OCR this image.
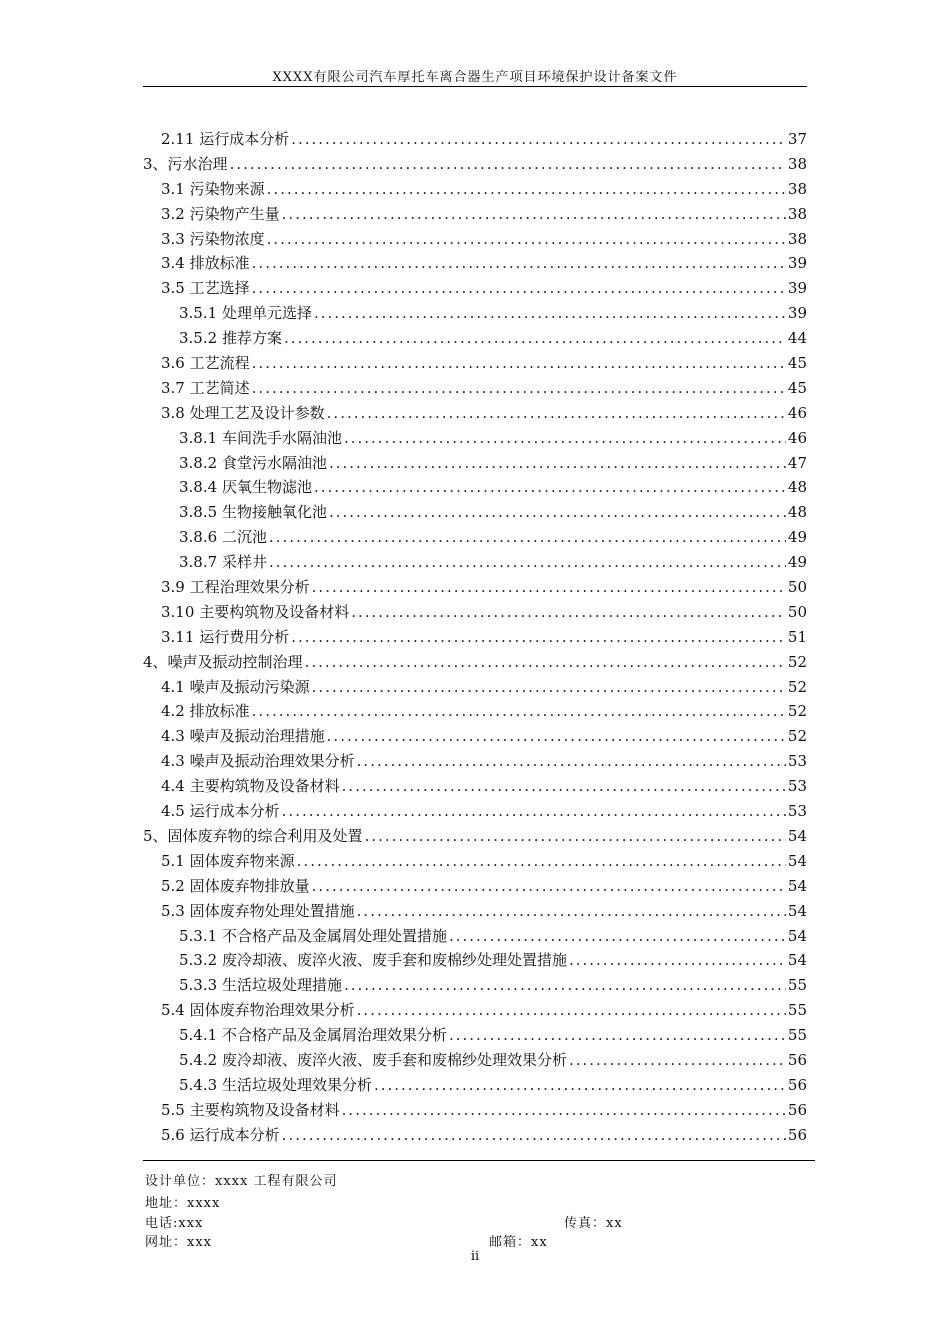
XXXX有限公司汽车厚托车离合器生产项目环境保护设计备案文件
2.11 运行成本分析 .....	37
3、污水治理 .....	38
3.1 污染物来源 .....	38
3.2 污染物产生量 .....	38
3.3 污染物浓度 .....	38
3.4 排放标准 .....	39
3.5 工艺选择 .....	39
3.5.1 处理单元选择 .....	39
3.5.2 推荐方案 .....	44
3.6 工艺流程 .....	45
3.7 工艺简述 .....	45
3.8 处理工艺及设计参数 .....	46
3.8.1 车间洗手水隔油池 .....	46
3.8.2 食堂污水隔油池 .....	47
3.8.4 厌氧生物滤池 .....	48
3.8.5 生物接触氧化池 .....	48
3.8.6 二沉池 .....	49
3.8.7 采样井 .....	49
3.9 工程治理效果分析 .....	50
3.10 主要构筑物及设备材料 .....	50
3.11 运行费用分析 .....	51
4、噪声及振动控制治理 .....	52
4.1 噪声及振动污染源 .....	52
4.2 排放标准 .....	52
4.3 噪声及振动治理措施 .....	52
4.3 噪声及振动治理效果分析 .....	53
4.4 主要构筑物及设备材料 .....	53
4.5 运行成本分析 .....	53
5、固体废弃物的综合利用及处置 .....	54
5.1 固体废弃物来源 .....	54
5.2 固体废弃物排放量 .....	54
5.3 固体废弃物处理处置措施 .....	54
5.3.1 不合格产品及金属屑处理处置措施 .....	54
5.3.2 废冷却液、废淬火液、废手套和废棉纱处理处置措施 .....	54
5.3.3 生活垃圾处理措施 .....	55
5.4 固体废弃物治理效果分析 .....	55
5.4.1 不合格产品及金属屑治理效果分析 .....	55
5.4.2 废冷却液、废淬火液、废手套和废棉纱处理效果分析 .....	56
5.4.3 生活垃圾处理效果分析 .....	56
5.5 主要构筑物及设备材料 .....	56
5.6 运行成本分析 .....	56
设计单位：xxxx 工程有限公司
地址：xxxx
电话:xxx	传真：xx
网址：xxx	邮箱：xx
ii
